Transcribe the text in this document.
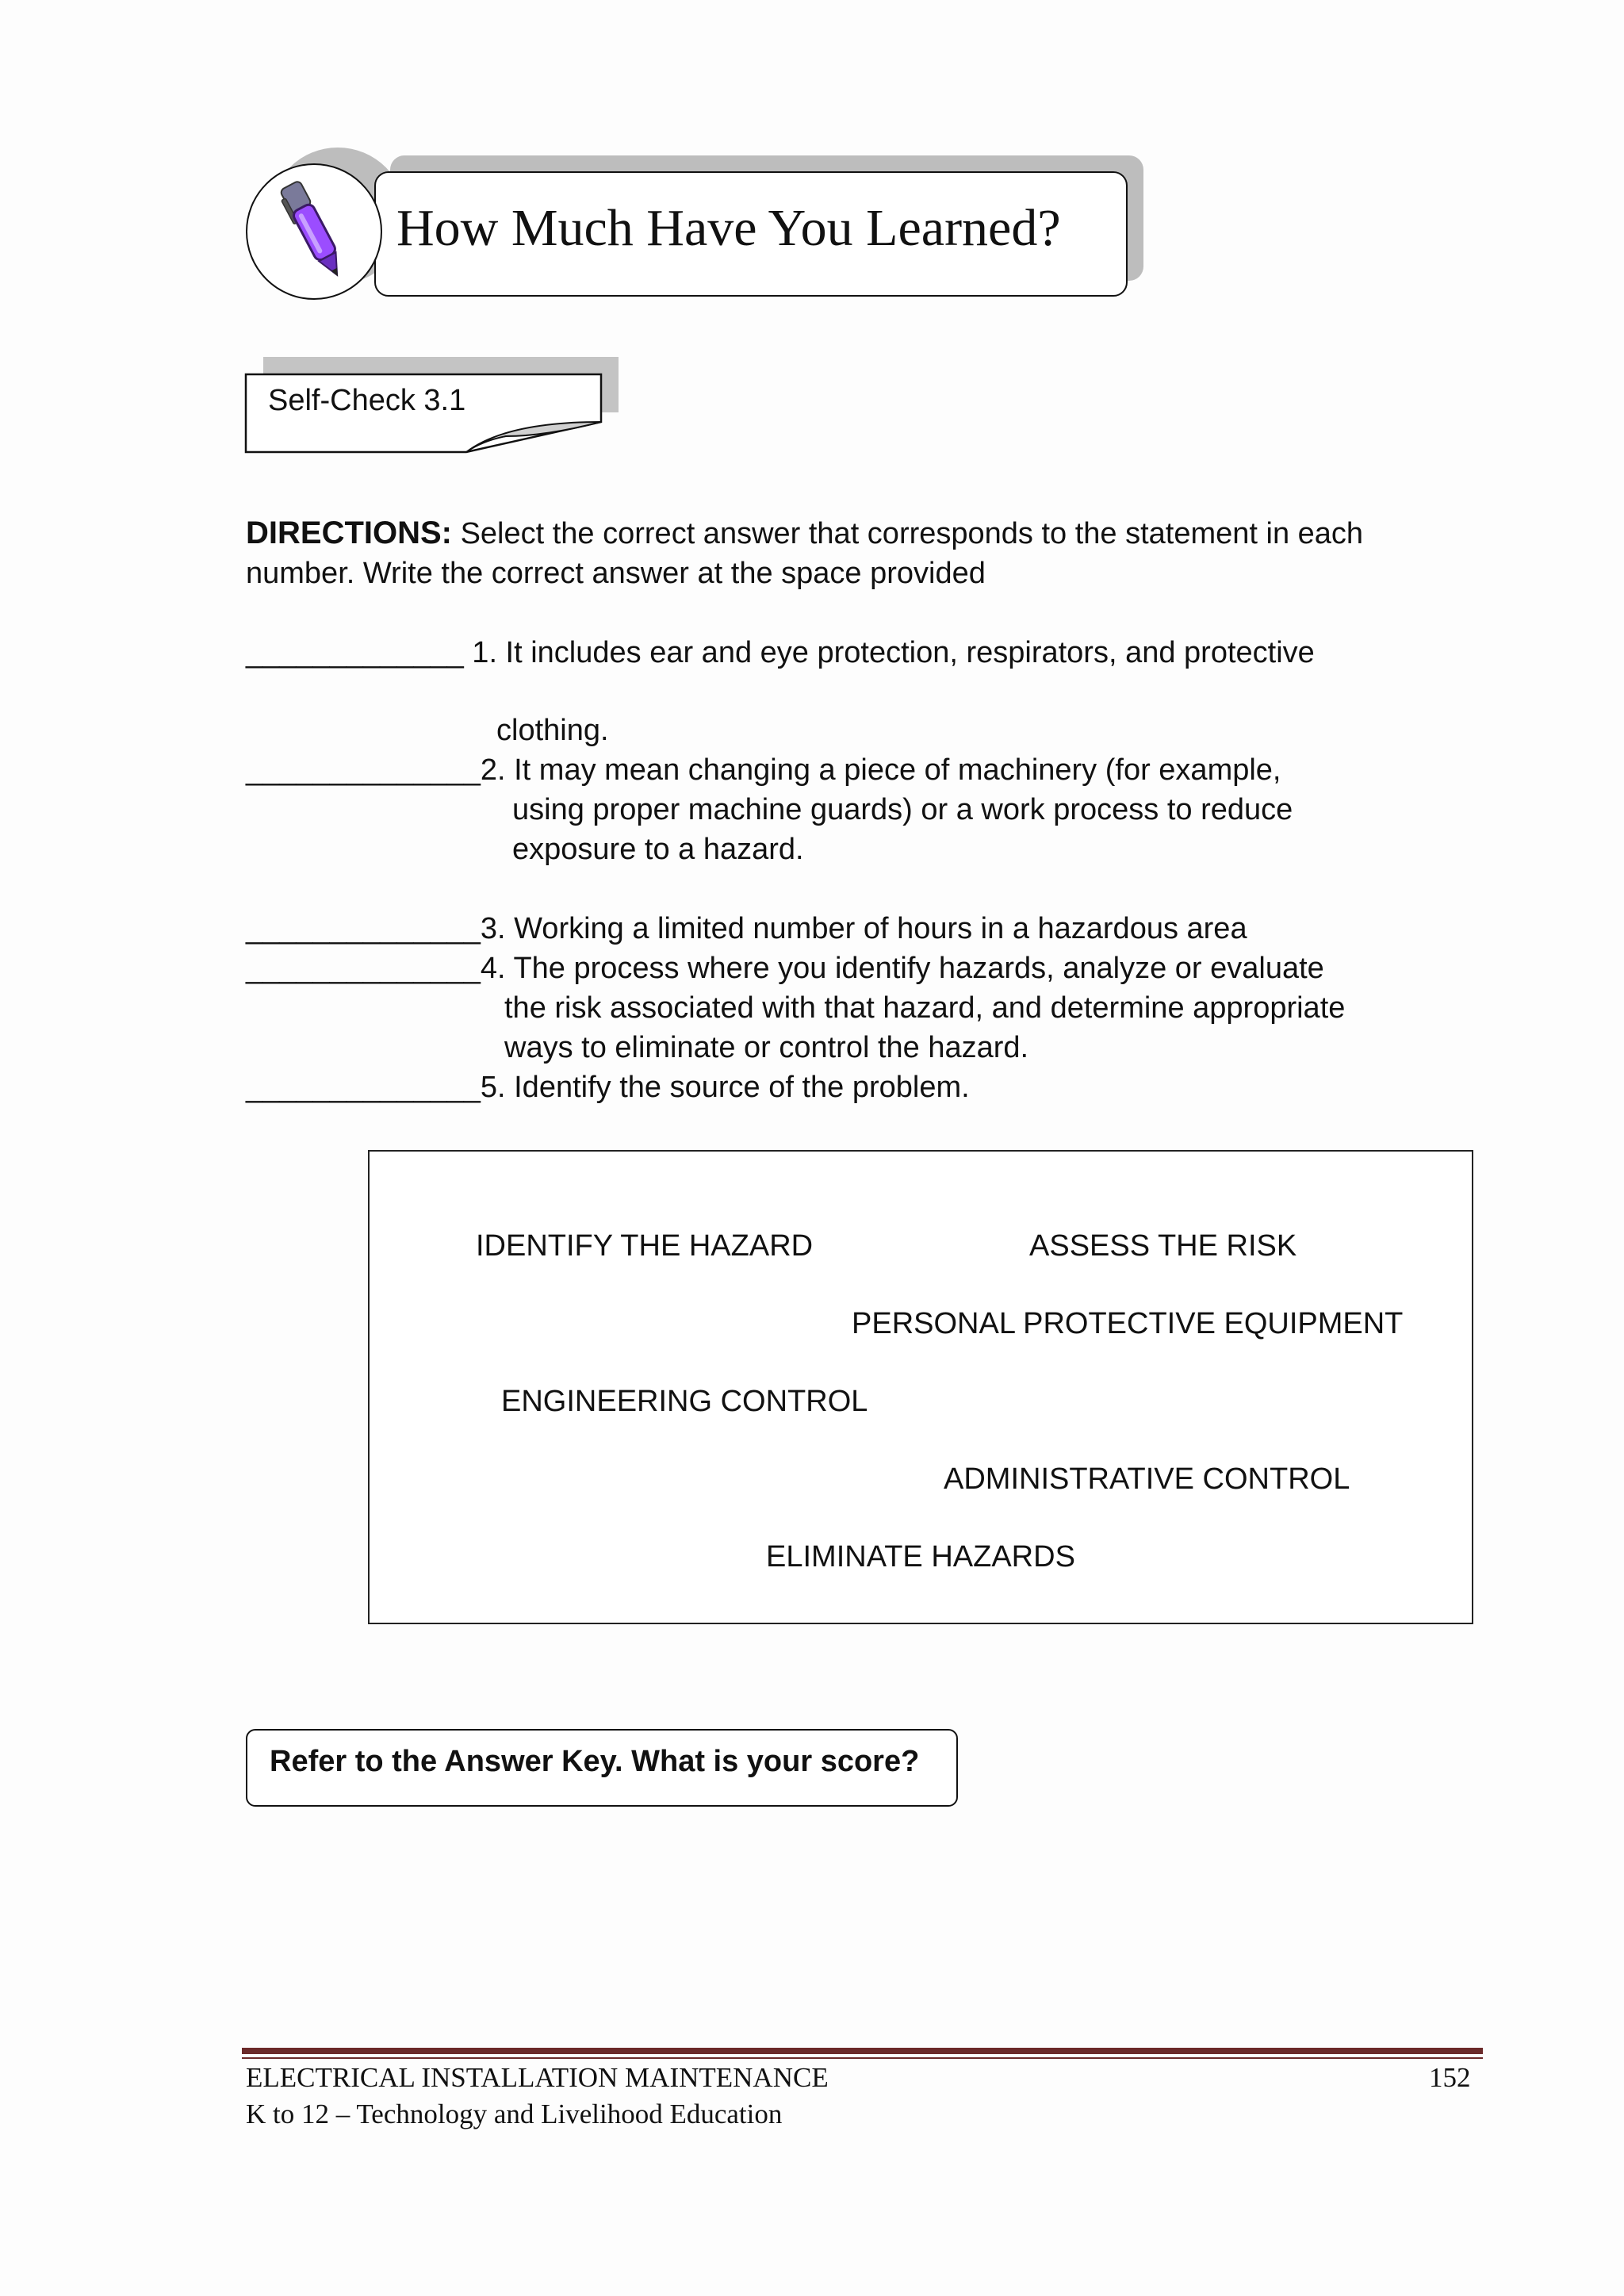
How Much Have You Learned?
Self-Check 3.1
DIRECTIONS: Select the correct answer that corresponds to the statement in each
number. Write the correct answer at the space provided
_____________ 1. It includes ear and eye protection, respirators, and protective
clothing.
______________2. It may mean changing a piece of machinery (for example,
using proper machine guards) or a work process to reduce
exposure to a hazard.
______________3. Working a limited number of hours in a hazardous area
______________4. The process where you identify hazards, analyze or evaluate
the risk associated with that hazard, and determine appropriate
ways to eliminate or control the hazard.
______________5. Identify the source of the problem.
IDENTIFY THE HAZARD	ASSESS THE RISK
PERSONAL PROTECTIVE EQUIPMENT
ENGINEERING CONTROL
ADMINISTRATIVE CONTROL
ELIMINATE HAZARDS
Refer to the Answer Key. What is your score?
ELECTRICAL INSTALLATION MAINTENANCE
K to 12 – Technology and Livelihood Education
152
